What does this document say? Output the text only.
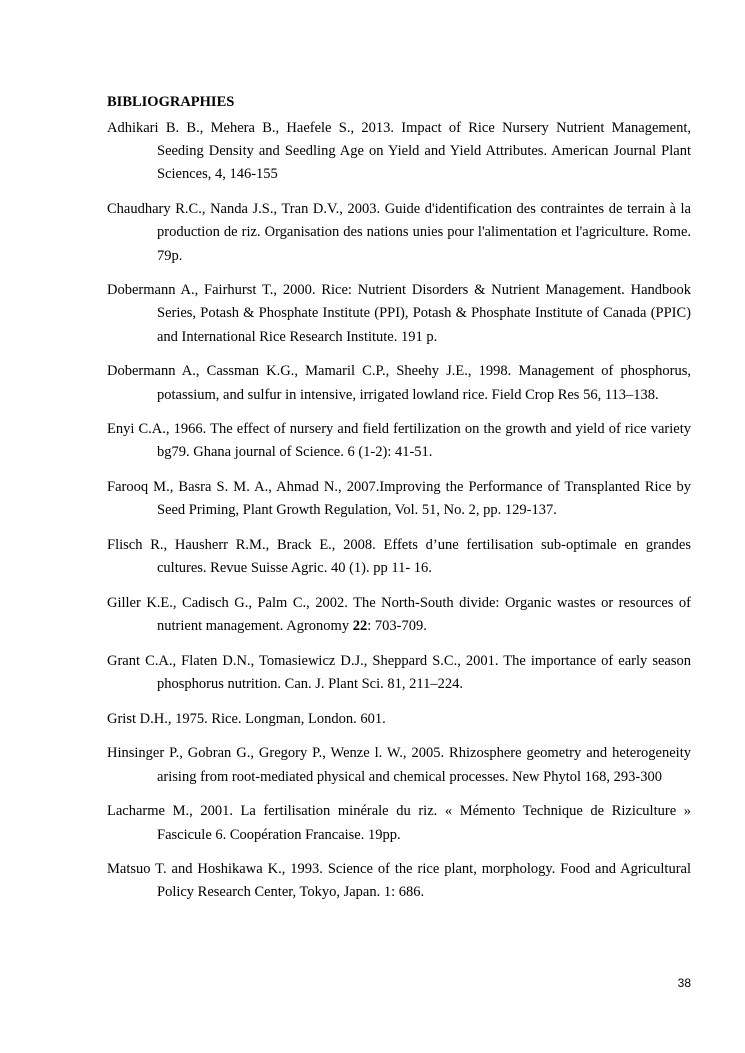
BIBLIOGRAPHIES

Adhikari B. B., Mehera B., Haefele S., 2013. Impact of Rice Nursery Nutrient Management, Seeding Density and Seedling Age on Yield and Yield Attributes. American Journal Plant Sciences, 4, 146-155

Chaudhary R.C., Nanda J.S., Tran D.V., 2003. Guide d'identification des contraintes de terrain à la production de riz. Organisation des nations unies pour l'alimentation et l'agriculture. Rome. 79p.

Dobermann A., Fairhurst T., 2000. Rice: Nutrient Disorders & Nutrient Management. Handbook Series, Potash & Phosphate Institute (PPI), Potash & Phosphate Institute of Canada (PPIC) and International Rice Research Institute. 191 p.

Dobermann A., Cassman K.G., Mamaril C.P., Sheehy J.E., 1998. Management of phosphorus, potassium, and sulfur in intensive, irrigated lowland rice. Field Crop Res 56, 113–138.

Enyi C.A., 1966. The effect of nursery and field fertilization on the growth and yield of rice variety bg79. Ghana journal of Science. 6 (1-2): 41-51.

Farooq M., Basra S. M. A., Ahmad N., 2007.Improving the Performance of Transplanted Rice by Seed Priming, Plant Growth Regulation, Vol. 51, No. 2, pp. 129-137.

Flisch R., Hausherr R.M., Brack E., 2008. Effets d’une fertilisation sub-optimale en grandes cultures. Revue Suisse Agric. 40 (1). pp 11- 16.

Giller K.E., Cadisch G., Palm C., 2002. The North-South divide: Organic wastes or resources of nutrient management. Agronomy 22: 703-709.

Grant C.A., Flaten D.N., Tomasiewicz D.J., Sheppard S.C., 2001. The importance of early season phosphorus nutrition. Can. J. Plant Sci. 81, 211–224.

Grist D.H., 1975. Rice. Longman, London. 601.

Hinsinger P., Gobran G., Gregory P., Wenze l. W., 2005. Rhizosphere geometry and heterogeneity arising from root-mediated physical and chemical processes. New Phytol 168, 293-300

Lacharme M., 2001. La fertilisation minérale du riz. « Mémento Technique de Riziculture » Fascicule 6. Coopération Francaise. 19pp.

Matsuo T. and Hoshikawa K., 1993. Science of the rice plant, morphology. Food and Agricultural Policy Research Center, Tokyo, Japan. 1: 686.

38
